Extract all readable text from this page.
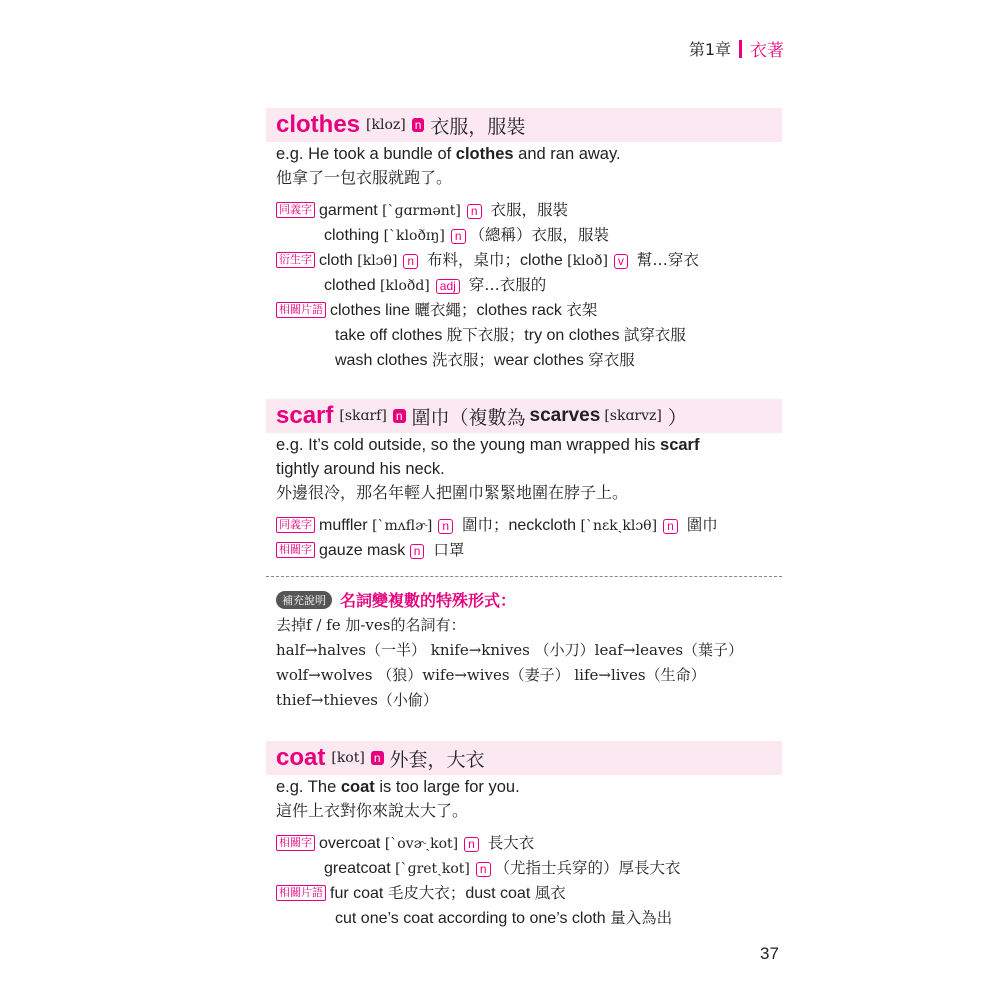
第1章 衣著
clothes [kloz] n 衣服，服裝
e.g. He took a bundle of clothes and ran away.
他拿了一包衣服就跑了。
同義字 garment [ˋɡɑrmənt] n 衣服，服裝
clothing [ˋkloðɪŋ] n （總稱）衣服，服裝
衍生字 cloth [klɔθ] n 布料，桌巾；clothe [kloð] v 幫…穿衣
clothed [kloðd] adj 穿…衣服的
相關片語 clothes line 曬衣繩；clothes rack 衣架
take off clothes 脫下衣服；try on clothes 試穿衣服
wash clothes 洗衣服；wear clothes 穿衣服
scarf [skɑrf] n 圍巾（複數為 scarves [skɑrvz] ）
e.g. It’s cold outside, so the young man wrapped his scarf
tightly around his neck.
外邊很冷，那名年輕人把圍巾緊緊地圍在脖子上。
同義字 muffler [ˋmʌflɚ] n 圍巾；neckcloth [ˋnɛkˏklɔθ] n 圍巾
相關字 gauze mask n 口罩
補充說明 名詞變複數的特殊形式：
去掉f / fe 加-ves的名詞有：
half→halves（一半） knife→knives （小刀）leaf→leaves（葉子）
wolf→wolves （狼）wife→wives（妻子） life→lives（生命）
thief→thieves（小偷）
coat [kot] n 外套，大衣
e.g. The coat is too large for you.
這件上衣對你來說太大了。
相關字 overcoat [ˋovɚˏkot] n 長大衣
greatcoat [ˋɡretˏkot] n （尤指士兵穿的）厚長大衣
相關片語 fur coat 毛皮大衣；dust coat 風衣
cut one’s coat according to one’s cloth 量入為出
37
